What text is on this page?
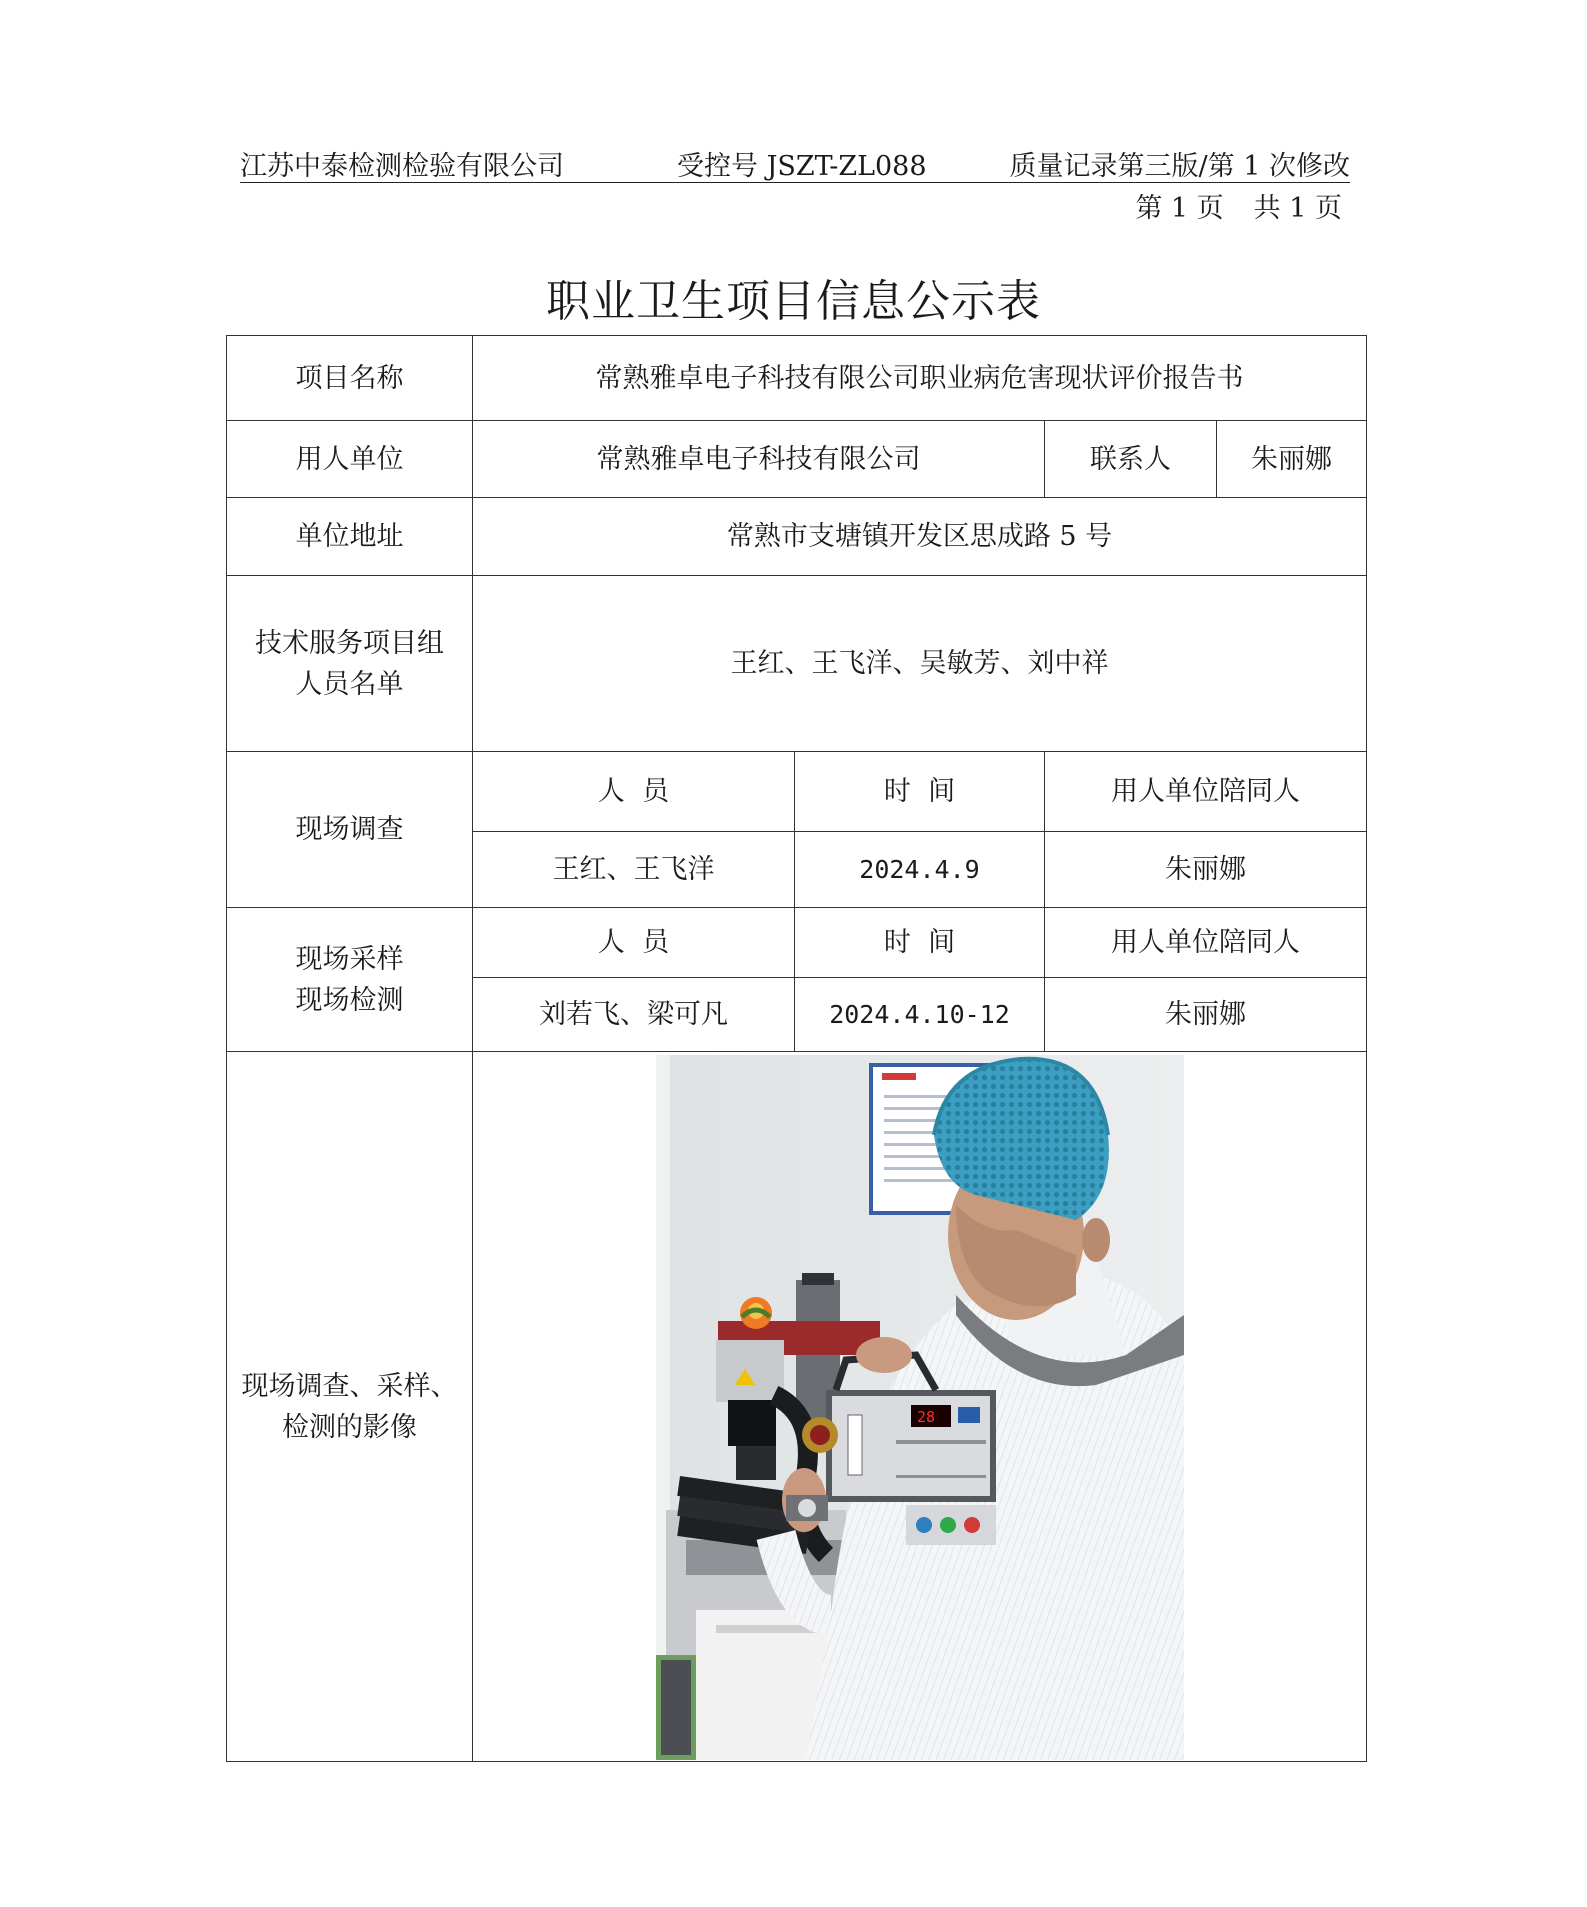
江苏中泰检测检验有限公司	受控号 JSZT-ZL088	质量记录第三版/第 1 次修改
第 1 页 共 1 页
职业卫生项目信息公示表
项目名称	常熟雅卓电子科技有限公司职业病危害现状评价报告书			
用人单位	常熟雅卓电子科技有限公司		联系人	朱丽娜
单位地址	常熟市支塘镇开发区思成路 5 号			

技术服务项目组
人员名单	王红、王飞洋、吴敏芳、刘中祥			
现场调查	人  员	时  间	用人单位陪同人	
	王红、王飞洋	2024.4.9	朱丽娜	

现场采样
现场检测	人  员	时  间	用人单位陪同人	
	刘若飞、梁可凡	2024.4.10-12	朱丽娜	

现场调查、采样、
检测的影像	28			
